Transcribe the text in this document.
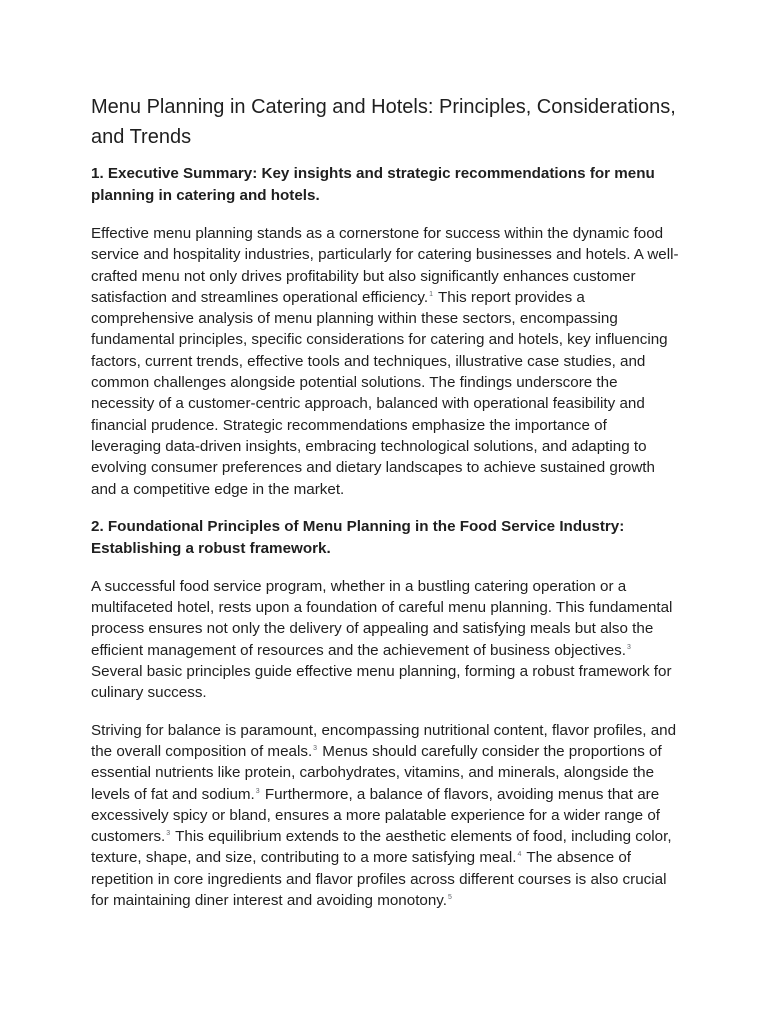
Menu Planning in Catering and Hotels: Principles, Considerations, and Trends
1. Executive Summary: Key insights and strategic recommendations for menu planning in catering and hotels.

Effective menu planning stands as a cornerstone for success within the dynamic food service and hospitality industries, particularly for catering businesses and hotels. A well-crafted menu not only drives profitability but also significantly enhances customer satisfaction and streamlines operational efficiency.$^1$ This report provides a comprehensive analysis of menu planning within these sectors, encompassing fundamental principles, specific considerations for catering and hotels, key influencing factors, current trends, effective tools and techniques, illustrative case studies, and common challenges alongside potential solutions. The findings underscore the necessity of a customer-centric approach, balanced with operational feasibility and financial prudence. Strategic recommendations emphasize the importance of leveraging data-driven insights, embracing technological solutions, and adapting to evolving consumer preferences and dietary landscapes to achieve sustained growth and a competitive edge in the market.

2. Foundational Principles of Menu Planning in the Food Service Industry: Establishing a robust framework.

A successful food service program, whether in a bustling catering operation or a multifaceted hotel, rests upon a foundation of careful menu planning. This fundamental process ensures not only the delivery of appealing and satisfying meals but also the efficient management of resources and the achievement of business objectives.$^3$ Several basic principles guide effective menu planning, forming a robust framework for culinary success.

Striving for balance is paramount, encompassing nutritional content, flavor profiles, and the overall composition of meals.$^3$ Menus should carefully consider the proportions of essential nutrients like protein, carbohydrates, vitamins, and minerals, alongside the levels of fat and sodium.$^3$ Furthermore, a balance of flavors, avoiding menus that are excessively spicy or bland, ensures a more palatable experience for a wider range of customers.$^3$ This equilibrium extends to the aesthetic elements of food, including color, texture, shape, and size, contributing to a more satisfying meal.$^4$ The absence of repetition in core ingredients and flavor profiles across different courses is also crucial for maintaining diner interest and avoiding monotony.$^5$
